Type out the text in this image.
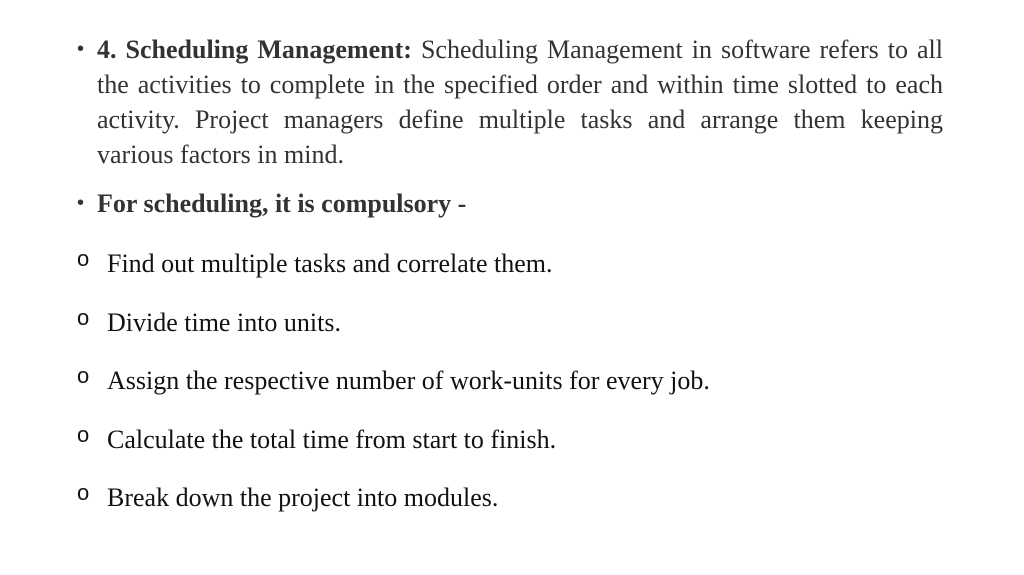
• 4. Scheduling Management: Scheduling Management in software refers to all the activities to complete in the specified order and within time slotted to each activity. Project managers define multiple tasks and arrange them keeping various factors in mind.
• For scheduling, it is compulsory -
o Find out multiple tasks and correlate them.
o Divide time into units.
o Assign the respective number of work-units for every job.
o Calculate the total time from start to finish.
o Break down the project into modules.
